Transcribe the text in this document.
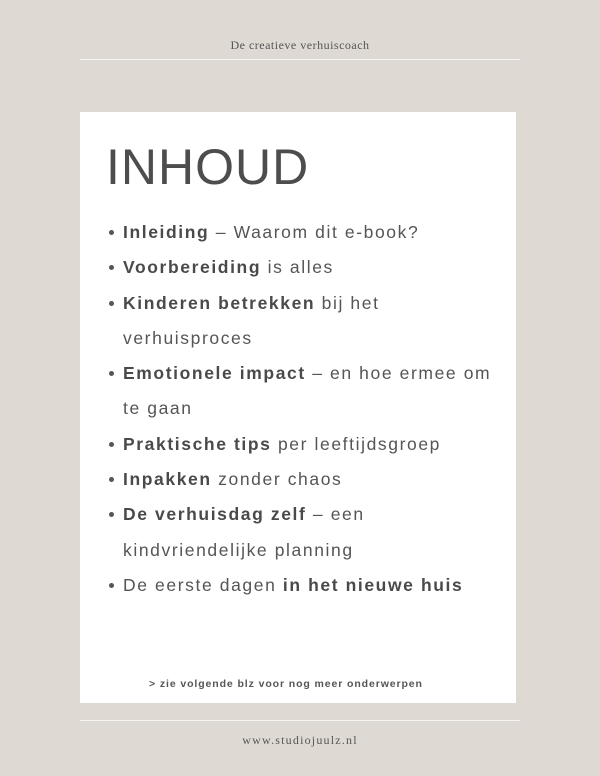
De creatieve verhuiscoach
INHOUD
Inleiding – Waarom dit e-book?
Voorbereiding is alles
Kinderen betrekken bij het verhuisproces
Emotionele impact – en hoe ermee om te gaan
Praktische tips per leeftijdsgroep
Inpakken zonder chaos
De verhuisdag zelf – een kindvriendelijke planning
De eerste dagen in het nieuwe huis
> zie volgende blz voor nog meer onderwerpen
www.studiojuulz.nl
